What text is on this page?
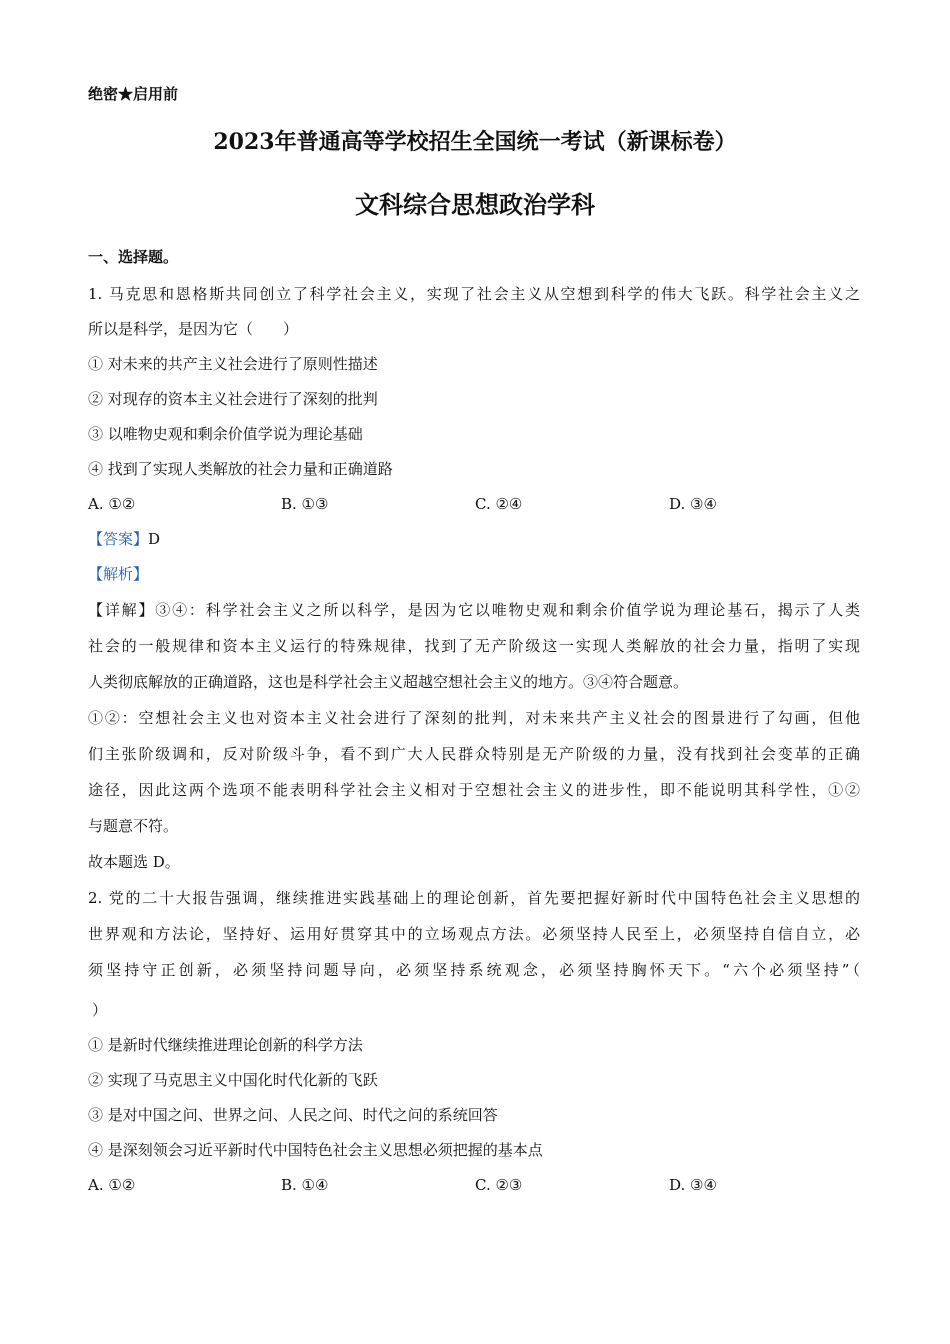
绝密★启用前
2023年普通高等学校招生全国统一考试（新课标卷）
文科综合思想政治学科
一、选择题。
1. 马克思和恩格斯共同创立了科学社会主义，实现了社会主义从空想到科学的伟大飞跃。科学社会主义之
所以是科学，是因为它（　　）
① 对未来的共产主义社会进行了原则性描述
② 对现存的资本主义社会进行了深刻的批判
③ 以唯物史观和剩余价值学说为理论基础
④ 找到了实现人类解放的社会力量和正确道路
A. ①②	B. ①③	C. ②④	D. ③④
【答案】D
【解析】
【详解】③④：科学社会主义之所以科学，是因为它以唯物史观和剩余价值学说为理论基石，揭示了人类
社会的一般规律和资本主义运行的特殊规律，找到了无产阶级这一实现人类解放的社会力量，指明了实现
人类彻底解放的正确道路，这也是科学社会主义超越空想社会主义的地方。③④符合题意。
①②：空想社会主义也对资本主义社会进行了深刻的批判，对未来共产主义社会的图景进行了勾画，但他
们主张阶级调和，反对阶级斗争，看不到广大人民群众特别是无产阶级的力量，没有找到社会变革的正确
途径，因此这两个选项不能表明科学社会主义相对于空想社会主义的进步性，即不能说明其科学性，①②
与题意不符。
故本题选 D。
2. 党的二十大报告强调，继续推进实践基础上的理论创新，首先要把握好新时代中国特色社会主义思想的
世界观和方法论，坚持好、运用好贯穿其中的立场观点方法。必须坚持人民至上，必须坚持自信自立，必
须坚持守正创新，必须坚持问题导向，必须坚持系统观念，必须坚持胸怀天下。“六个必须坚持”（
）
① 是新时代继续推进理论创新的科学方法
② 实现了马克思主义中国化时代化新的飞跃
③ 是对中国之问、世界之问、人民之问、时代之问的系统回答
④ 是深刻领会习近平新时代中国特色社会主义思想必须把握的基本点
A. ①②	B. ①④	C. ②③	D. ③④
